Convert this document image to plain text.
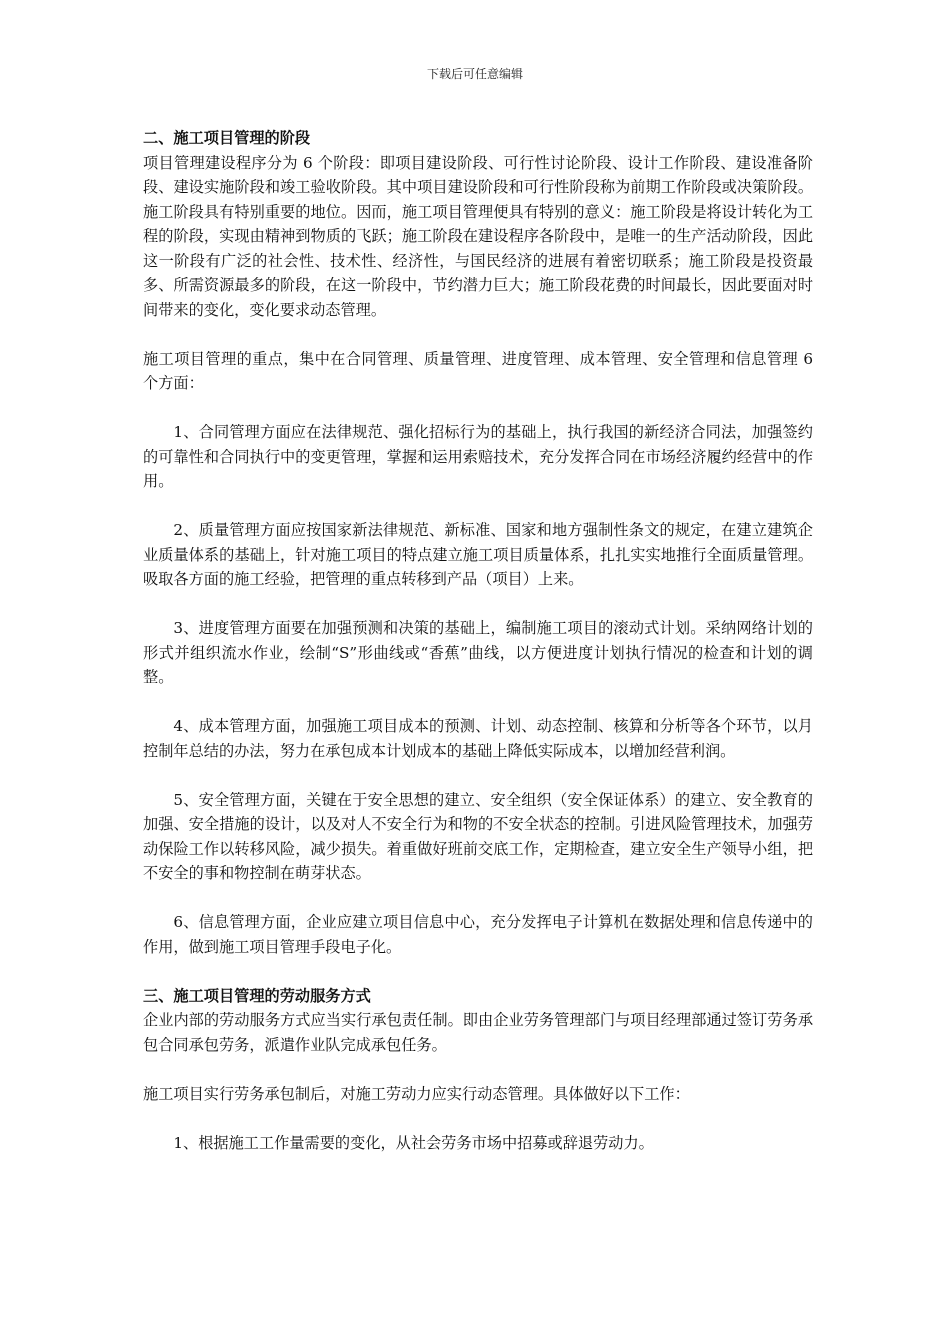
下载后可任意编辑

二、施工项目管理的阶段

项目管理建设程序分为 6 个阶段：即项目建设阶段、可行性讨论阶段、设计工作阶段、建设准备阶段、建设实施阶段和竣工验收阶段。其中项目建设阶段和可行性阶段称为前期工作阶段或决策阶段。施工阶段具有特别重要的地位。因而，施工项目管理便具有特别的意义：施工阶段是将设计转化为工程的阶段，实现由精神到物质的飞跃；施工阶段在建设程序各阶段中，是唯一的生产活动阶段，因此这一阶段有广泛的社会性、技术性、经济性，与国民经济的进展有着密切联系；施工阶段是投资最多、所需资源最多的阶段，在这一阶段中，节约潜力巨大；施工阶段花费的时间最长，因此要面对时间带来的变化，变化要求动态管理。

施工项目管理的重点，集中在合同管理、质量管理、进度管理、成本管理、安全管理和信息管理 6 个方面：

1、合同管理方面应在法律规范、强化招标行为的基础上，执行我国的新经济合同法，加强签约的可靠性和合同执行中的变更管理，掌握和运用索赔技术，充分发挥合同在市场经济履约经营中的作用。

2、质量管理方面应按国家新法律规范、新标准、国家和地方强制性条文的规定，在建立建筑企业质量体系的基础上，针对施工项目的特点建立施工项目质量体系，扎扎实实地推行全面质量管理。吸取各方面的施工经验，把管理的重点转移到产品（项目）上来。

3、进度管理方面要在加强预测和决策的基础上，编制施工项目的滚动式计划。采纳网络计划的形式并组织流水作业，绘制“S”形曲线或“香蕉”曲线，以方便进度计划执行情况的检查和计划的调整。

4、成本管理方面，加强施工项目成本的预测、计划、动态控制、核算和分析等各个环节，以月控制年总结的办法，努力在承包成本计划成本的基础上降低实际成本，以增加经营利润。

5、安全管理方面，关键在于安全思想的建立、安全组织（安全保证体系）的建立、安全教育的加强、安全措施的设计，以及对人不安全行为和物的不安全状态的控制。引进风险管理技术，加强劳动保险工作以转移风险，减少损失。着重做好班前交底工作，定期检查，建立安全生产领导小组，把不安全的事和物控制在萌芽状态。

6、信息管理方面，企业应建立项目信息中心，充分发挥电子计算机在数据处理和信息传递中的作用，做到施工项目管理手段电子化。

三、施工项目管理的劳动服务方式

企业内部的劳动服务方式应当实行承包责任制。即由企业劳务管理部门与项目经理部通过签订劳务承包合同承包劳务，派遣作业队完成承包任务。

施工项目实行劳务承包制后，对施工劳动力应实行动态管理。具体做好以下工作：

1、根据施工工作量需要的变化，从社会劳务市场中招募或辞退劳动力。
